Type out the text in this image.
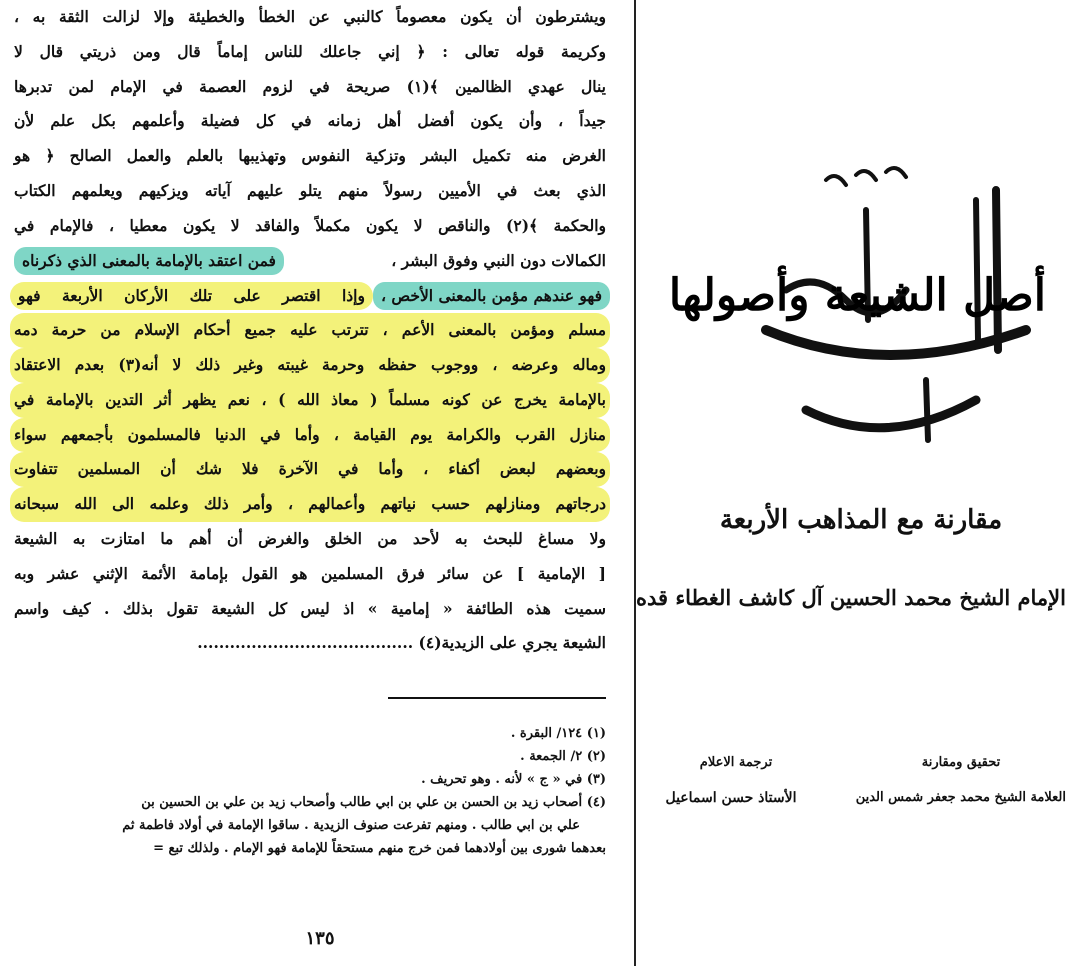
ويشترطون أن يكون معصوماً كالنبي عن الخطأ والخطيئة وإلا لزالت الثقة به ،
وكريمة قوله تعالى : ﴿ إني جاعلك للناس إماماً قال ومن ذريتي قال لا
ينال عهدي الظالمين ﴾(١) صريحة في لزوم العصمة في الإمام لمن تدبرها
جيداً ، وأن يكون أفضل أهل زمانه في كل فضيلة وأعلمهم بكل علم لأن
الغرض منه تكميل البشر وتزكية النفوس وتهذيبها بالعلم والعمل الصالح ﴿ هو
الذي بعث في الأميين رسولاً منهم يتلو عليهم آياته ويزكيهم ويعلمهم الكتاب
والحكمة ﴾(٢) والناقص لا يكون مكملاً والفاقد لا يكون معطيا ، فالإمام في
الكمالات دون النبي وفوق البشر ،
فمن اعتقد بالإمامة بالمعنى الذي ذكرناه
فهو عندهم مؤمن بالمعنى الأخص ،
وإذا اقتصر على تلك الأركان الأربعة فهو
مسلم ومؤمن بالمعنى الأعم ، تترتب عليه جميع أحكام الإسلام من حرمة دمه
وماله وعرضه ، ووجوب حفظه وحرمة غيبته وغير ذلك لا أنه(٣) بعدم الاعتقاد
بالإمامة يخرج عن كونه مسلماً ( معاذ الله ) ، نعم يظهر أثر التدين بالإمامة في
منازل القرب والكرامة يوم القيامة ، وأما في الدنيا فالمسلمون بأجمعهم سواء
وبعضهم لبعض أكفاء ، وأما في الآخرة فلا شك أن المسلمين تتفاوت
درجاتهم ومنازلهم حسب نياتهم وأعمالهم ، وأمر ذلك وعلمه الى الله سبحانه
ولا مساغ للبحث به لأحد من الخلق والغرض أن أهم ما امتازت به الشيعة
[ الإمامية ] عن سائر فرق المسلمين هو القول بإمامة الأئمة الإثني عشر وبه
سميت هذه الطائفة « إمامية » اذ ليس كل الشيعة تقول بذلك . كيف واسم
الشيعة يجري على الزيدية(٤) ........................................
(١) ١٢٤/ البقرة .
(٢) ٢/ الجمعة .
(٣) في « ج » لأنه . وهو تحريف .
(٤) أصحاب زيد بن الحسن بن علي بن ابي طالب وأصحاب زيد بن علي بن الحسين بن
علي بن ابي طالب . ومنهم تفرعت صنوف الزيدية . ساقوا الإمامة في أولاد فاطمة ثم
بعدهما شورى بين أولادهما فمن خرج منهم مستحقاً للإمامة فهو الإمام . ولذلك تبع =
١٣٥
أصل الشيعة وأصولها
مقارنة مع المذاهب الأربعة
الإمام الشيخ محمد الحسين آل كاشف الغطاء قده
ترجمة الاعلام
الأستاذ حسن اسماعيل
تحقيق ومقارنة
العلامة الشيخ محمد جعفر شمس الدين
